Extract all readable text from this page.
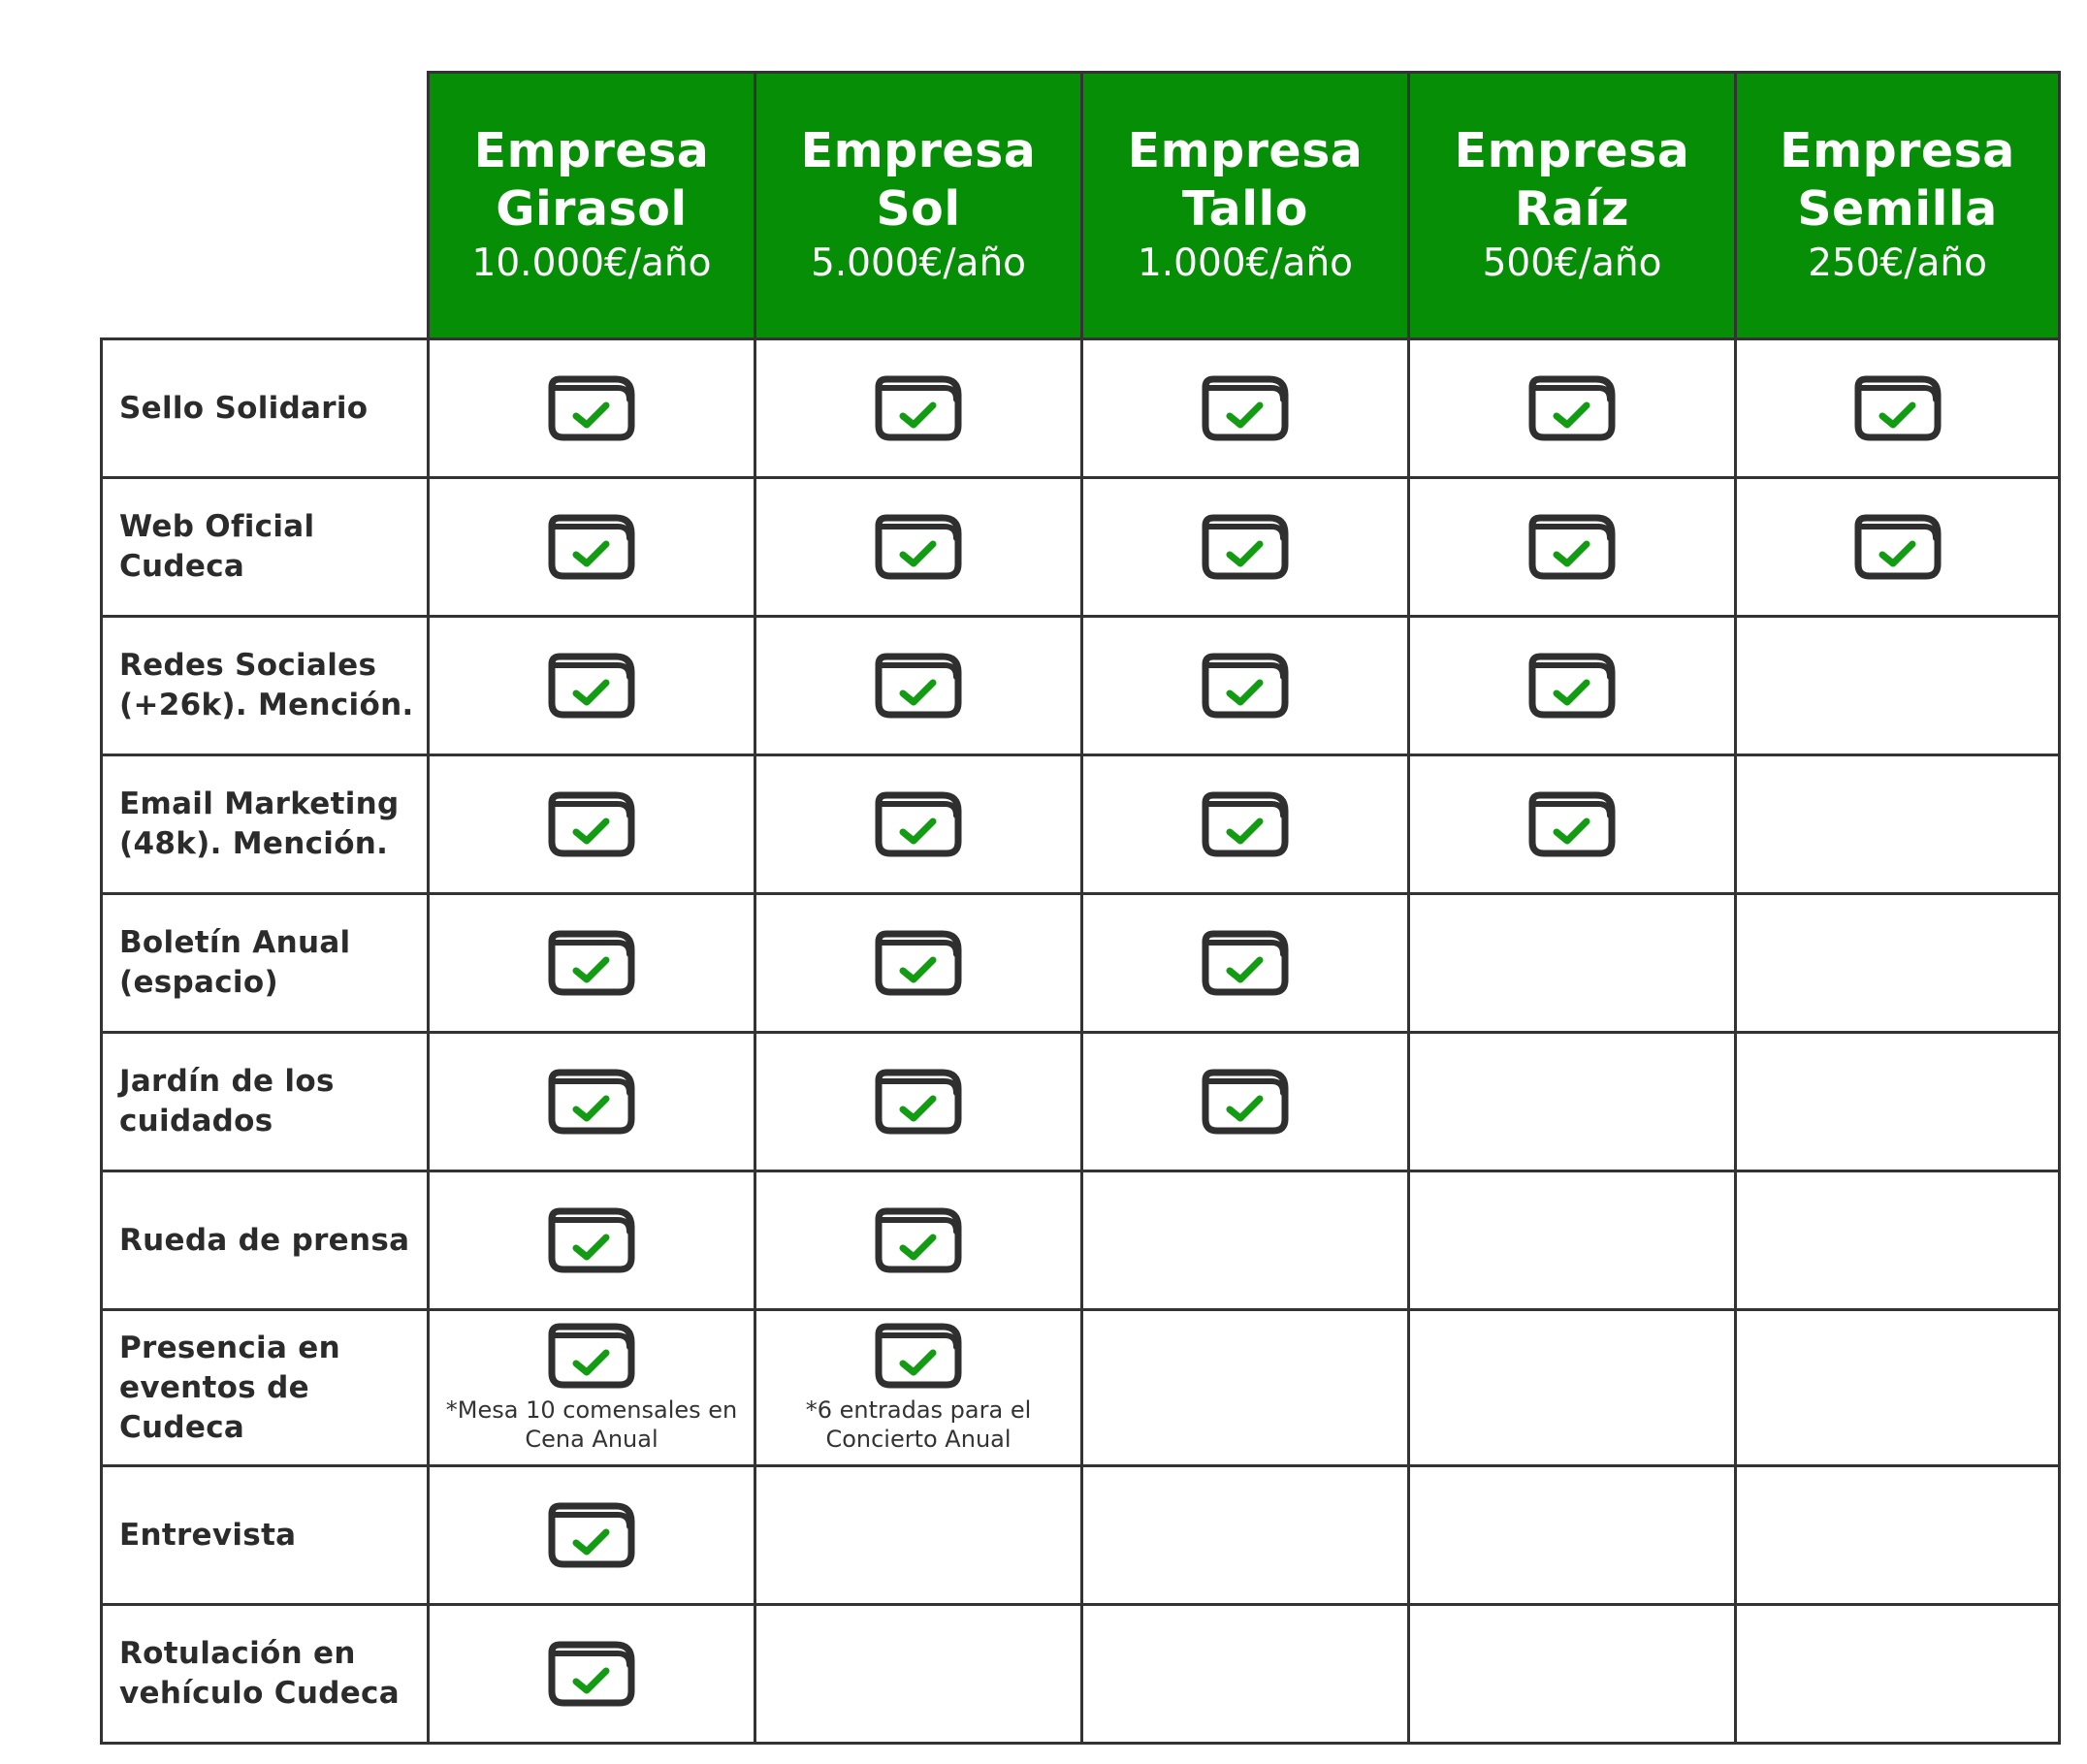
Empresa
Girasol
10.000€/año
Empresa
Sol
5.000€/año
Empresa
Tallo
1.000€/año
Empresa
Raíz
500€/año
Empresa
Semilla
250€/año
Sello Solidario
Web Oficial Cudeca
Redes Sociales
(+26k). Mención.
Email Marketing
(48k). Mención.
Boletín Anual
(espacio)
Jardín de los
cuidados
Rueda de prensa
Presencia en
eventos de Cudeca	*Mesa 10 comensales en
Cena Anual
*6 entradas para el
Concierto Anual
Entrevista
Rotulación en
vehículo Cudeca
